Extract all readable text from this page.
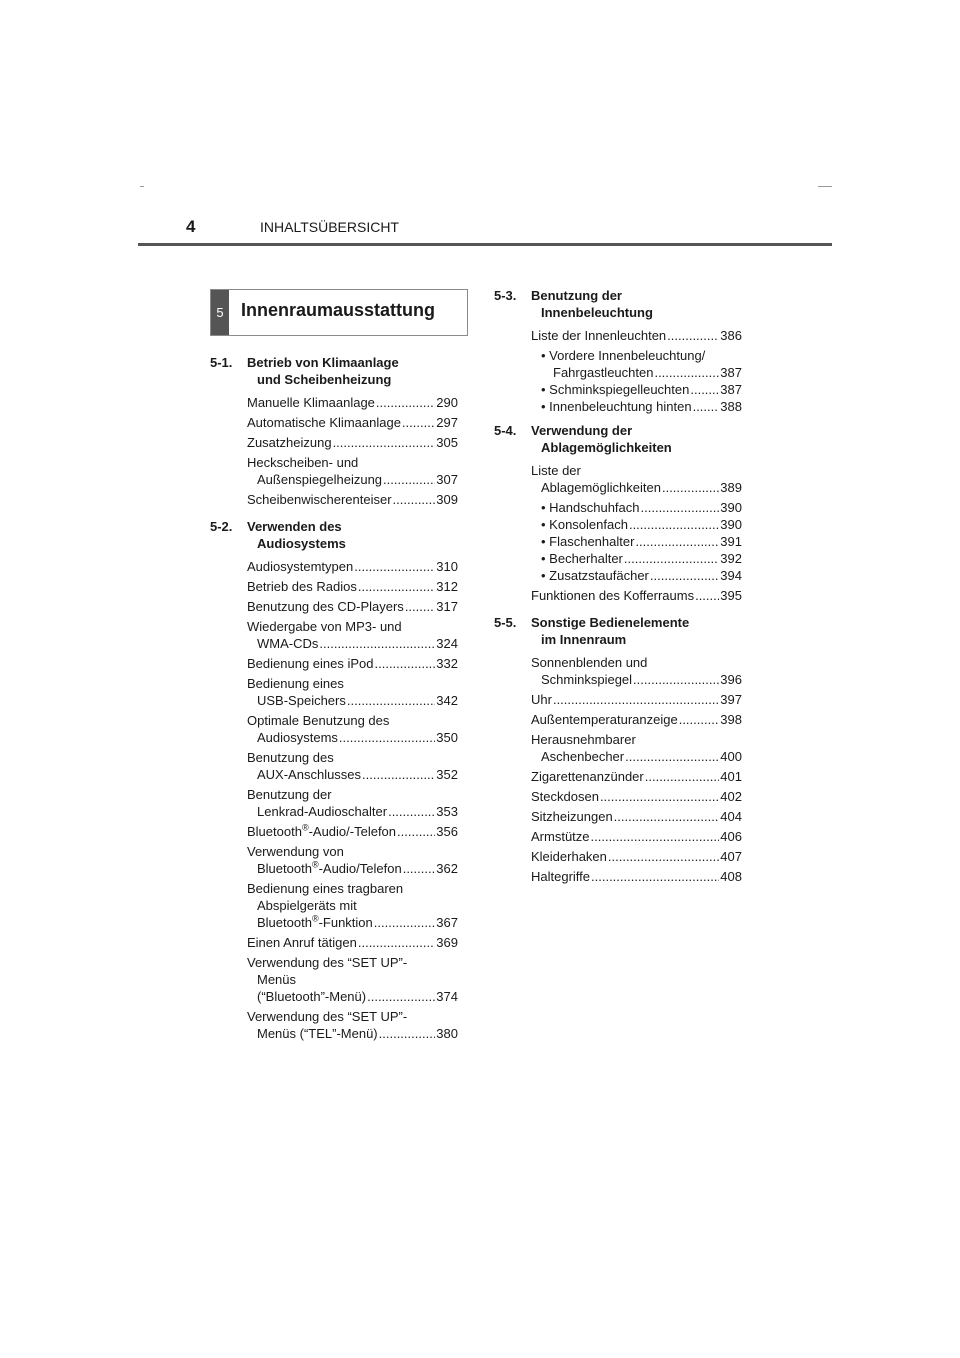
4	INHALTSÜBERSICHT
5 Innenraumausstattung
5-1.	Betrieb von Klimaanlage

und Scheibenheizung
Manuelle Klimaanlage .....	290
Automatische Klimaanlage .....	297
Zusatzheizung .....	305
Heckscheiben- und
Außenspiegelheizung .....	307
Scheibenwischerenteiser .....	309
5-2.	Verwenden des

Audiosystems
Audiosystemtypen .....	310
Betrieb des Radios .....	312
Benutzung des CD-Players ..... 317
Wiedergabe von MP3- und
WMA-CDs .....	324
Bedienung eines iPod .....	332
Bedienung eines
USB-Speichers .....	342
Optimale Benutzung des
Audiosystems .....	350
Benutzung des
AUX-Anschlusses .....	352
Benutzung der
Lenkrad-Audioschalter .....	353
Bluetooth®-Audio/-Telefon .....	356
Verwendung von
Bluetooth®-Audio/Telefon .....	362
Bedienung eines tragbaren
Abspielgeräts mit
Bluetooth®-Funktion .....	367
Einen Anruf tätigen .....	369
Verwendung des “SET UP”-
Menüs
(“Bluetooth”-Menü) .....	374
Verwendung des “SET UP”-
Menüs (“TEL”-Menü) .....	380
5-3.	Benutzung der

Innenbeleuchtung
Liste der Innenleuchten .....	386
• Vordere Innenbeleuchtung/
Fahrgastleuchten .....	387
• Schminkspiegelleuchten ..... 387
• Innenbeleuchtung hinten ..... 388
5-4.	Verwendung der

Ablagemöglichkeiten
Liste der
Ablagemöglichkeiten .....	389
• Handschuhfach .....	390
• Konsolenfach .....	390
• Flaschenhalter .....	391
• Becherhalter .....	392
• Zusatzstaufächer .....	394
Funktionen des Kofferraums ..... 395
5-5.	Sonstige Bedienelemente

im Innenraum
Sonnenblenden und
Schminkspiegel .....	396
Uhr .....	397
Außentemperaturanzeige .....	398
Herausnehmbarer
Aschenbecher .....	400
Zigarettenanzünder .....	401
Steckdosen .....	402
Sitzheizungen .....	404
Armstütze .....	406
Kleiderhaken .....	407
Haltegriffe .....	408
